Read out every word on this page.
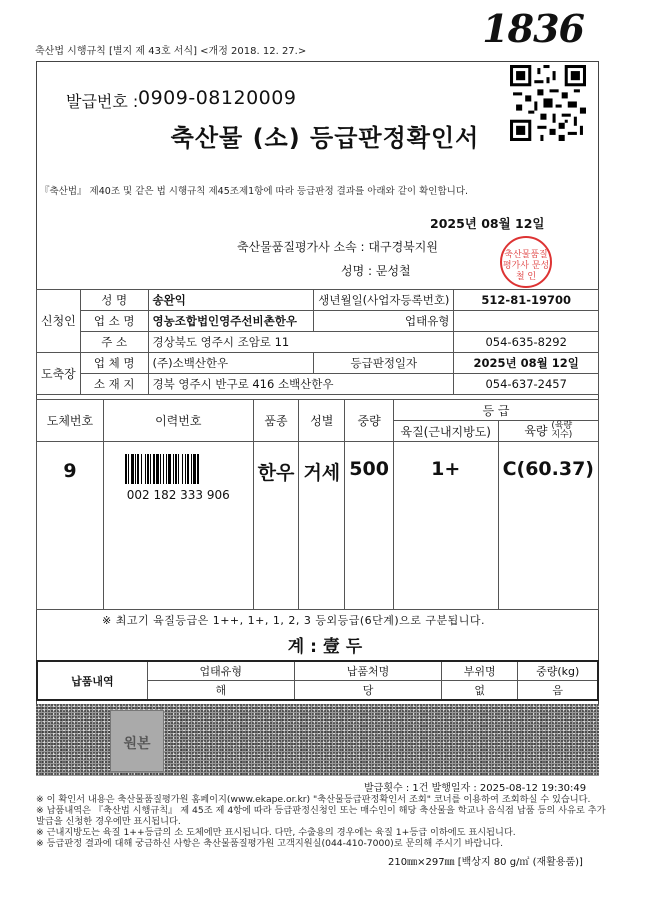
축산법 시행규칙 [별지 제 43호 서식] <개정 2018. 12. 27.>
1836
발급번호 : 0909-08120009
축산물 (소) 등급판정확인서
『축산법』 제40조 및 같은 법 시행규칙 제45조제1항에 따라 등급판정 결과를 아래와 같이 확인합니다.
2025년 08월 12일
축산물품질평가사 소속 : 대구경북지원
성명 : 문성철
축산물품질평가사 문성철 인
신청인	성 명	송완익	생년월일(사업자등록번호)	512-81-19700
	업 소 명	영농조합법인영주선비촌한우	업태유형	
	주 소	경상북도 영주시 조암로 11		054-635-8292
도축장	업 체 명	(주)소백산한우	등급판정일자	2025년 08월 12일
	소 재 지	경북 영주시 반구로 416 소백산한우		054-637-2457
도체번호	이력번호	품종	성별	중량	등 급	
					육질(근내지방도)	육량 (육량
지수)
9	002 182 333 906	한우	거세	500	1+	C(60.37)
※ 최고기 육질등급은 1++, 1+, 1, 2, 3 등외등급(6단계)으로 구분됩니다.
계 : 壹 두
납품내역	업태유형	납품처명	부위명	중량(kg)
	해	당	없	음
원본
발급횟수 : 1건 발행일자 : 2025-08-12 19:30:49
※ 이 확인서 내용은 축산물품질평가원 홈페이지(www.ekape.or.kr) "축산물등급판정확인서 조회" 코너를 이용하여 조회하실 수 있습니다.
※ 납품내역은 『축산법 시행규칙』 제 45조 제 4항에 따라 등급판정신청인 또는 매수인이 해당 축산물을 학교나 음식점 납품 등의 사유로 추가 발급을 신청한 경우에만 표시됩니다.
※ 근내지방도는 육질 1++등급의 소 도체에만 표시됩니다. 다만, 수출용의 경우에는 육질 1+등급 이하에도 표시됩니다.
※ 등급판정 결과에 대해 궁금하신 사항은 축산물품질평가원 고객지원실(044-410-7000)로 문의해 주시기 바랍니다.
210㎜×297㎜ [백상지 80 g/㎡ (재활용품)]
